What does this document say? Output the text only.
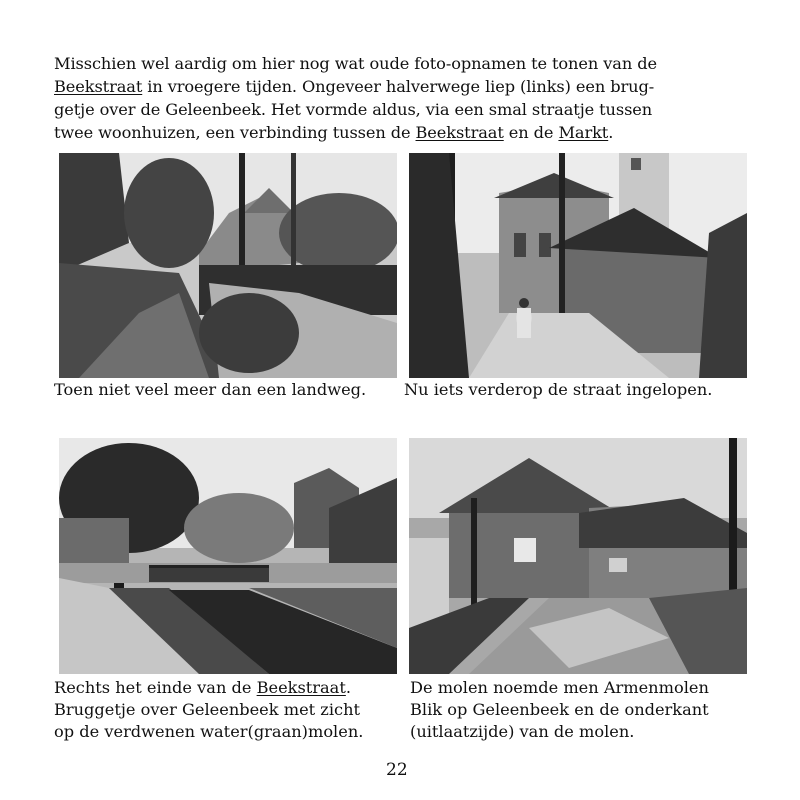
Misschien wel aardig om hier nog wat oude foto-opnamen te tonen van de
Beekstraat in vroegere tijden. Ongeveer halverwege liep (links) een brug-
getje over de Geleenbeek. Het vormde aldus, via een smal straatje tussen
twee woonhuizen, een verbinding tussen de Beekstraat en de Markt.
Toen niet veel meer dan een landweg. Nu iets verderop de straat ingelopen.
Rechts het einde van de Beekstraat.
Bruggetje over Geleenbeek met zicht
op de verdwenen water(graan)molen.
De molen noemde men Armenmolen
Blik op Geleenbeek en de onderkant
(uitlaatzijde) van de molen.
22
